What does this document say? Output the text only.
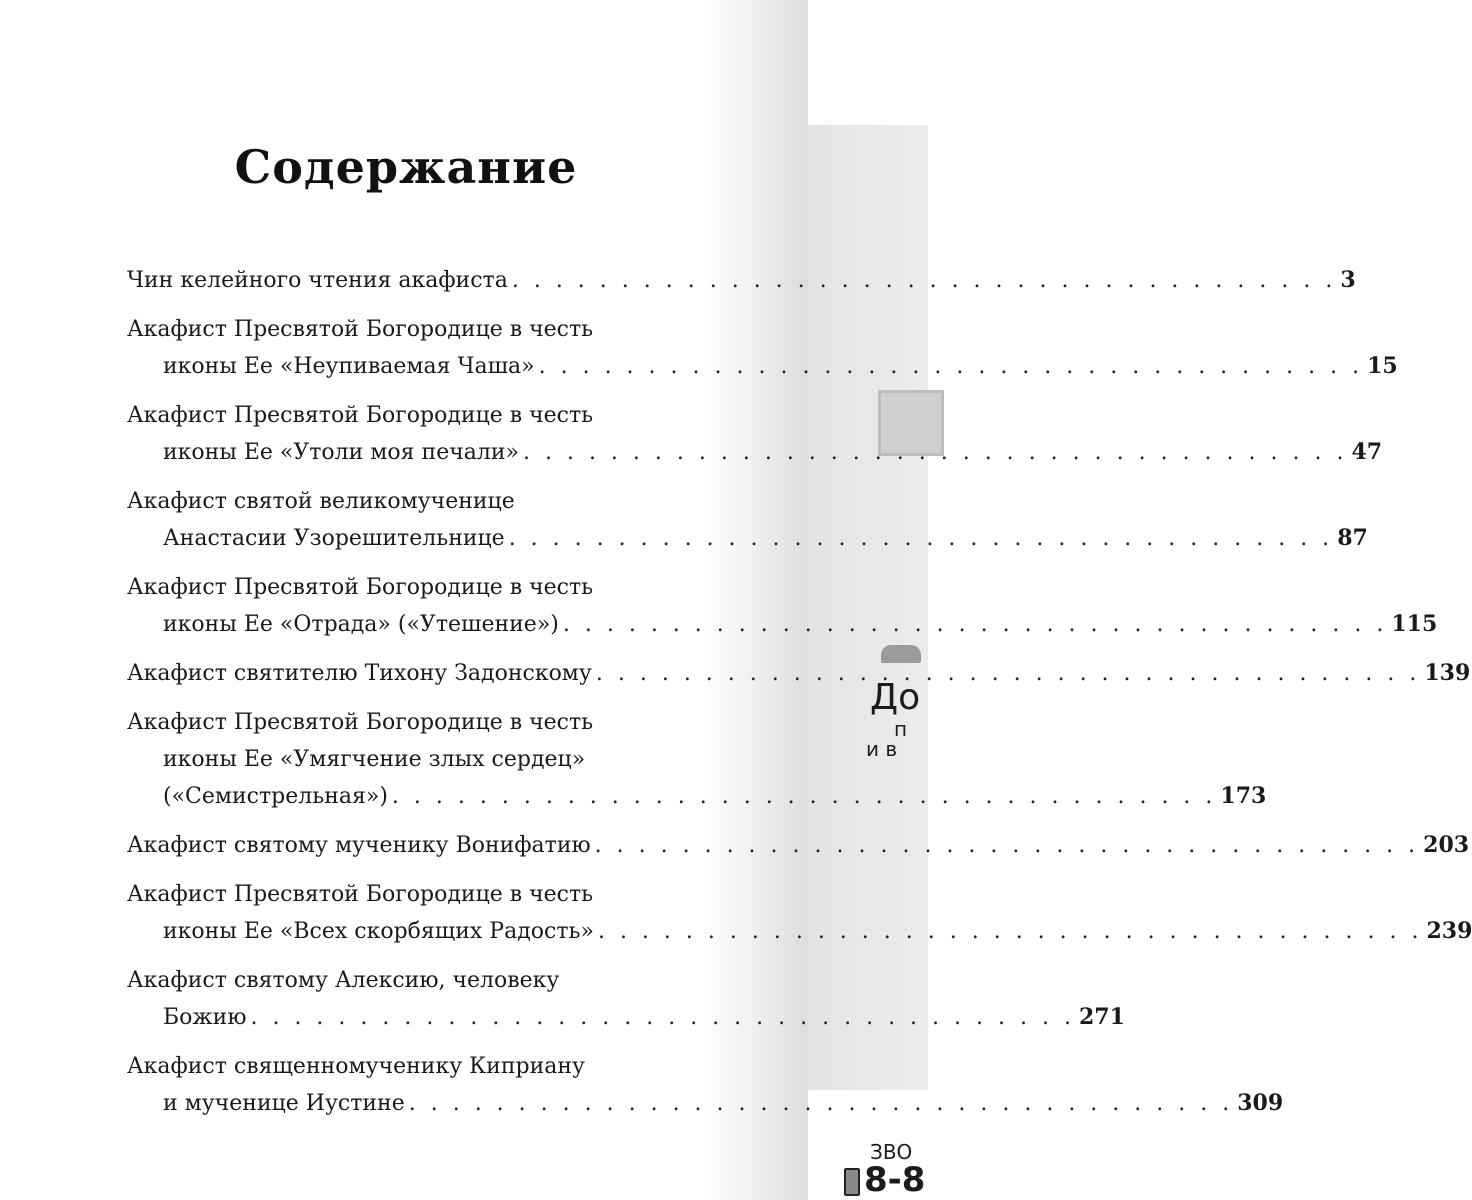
До
п
и в
ЗВО
8-8

Содержание
Чин келейного чтения акафиста . . . . . . . . . . . . . . . . . . . . . . . . . . . . . . . . . . . . . . 3
Акафист Пресвятой Богородице в честь
иконы Ее «Неупиваемая Чаша» . . . . . . . . . . . . . . . . . . . . . . . . . . . . . . . . . . . . . . 15
Акафист Пресвятой Богородице в честь
иконы Ее «Утоли моя печали» . . . . . . . . . . . . . . . . . . . . . . . . . . . . . . . . . . . . . . 47
Акафист святой великомученице
Анастасии Узорешительнице . . . . . . . . . . . . . . . . . . . . . . . . . . . . . . . . . . . . . . 87
Акафист Пресвятой Богородице в честь
иконы Ее «Отрада» («Утешение») . . . . . . . . . . . . . . . . . . . . . . . . . . . . . . . . . . . . . . 115
Акафист святителю Тихону Задонскому . . . . . . . . . . . . . . . . . . . . . . . . . . . . . . . . . . . . . . 139
Акафист Пресвятой Богородице в честь
иконы Ее «Умягчение злых сердец»
(«Семистрельная») . . . . . . . . . . . . . . . . . . . . . . . . . . . . . . . . . . . . . . 173
Акафист святому мученику Вонифатию . . . . . . . . . . . . . . . . . . . . . . . . . . . . . . . . . . . . . . 203
Акафист Пресвятой Богородице в честь
иконы Ее «Всех скорбящих Радость» . . . . . . . . . . . . . . . . . . . . . . . . . . . . . . . . . . . . . . 239
Акафист святому Алексию, человеку
Божию . . . . . . . . . . . . . . . . . . . . . . . . . . . . . . . . . . . . . . 271
Акафист священномученику Киприану
и мученице Иустине . . . . . . . . . . . . . . . . . . . . . . . . . . . . . . . . . . . . . . 309
